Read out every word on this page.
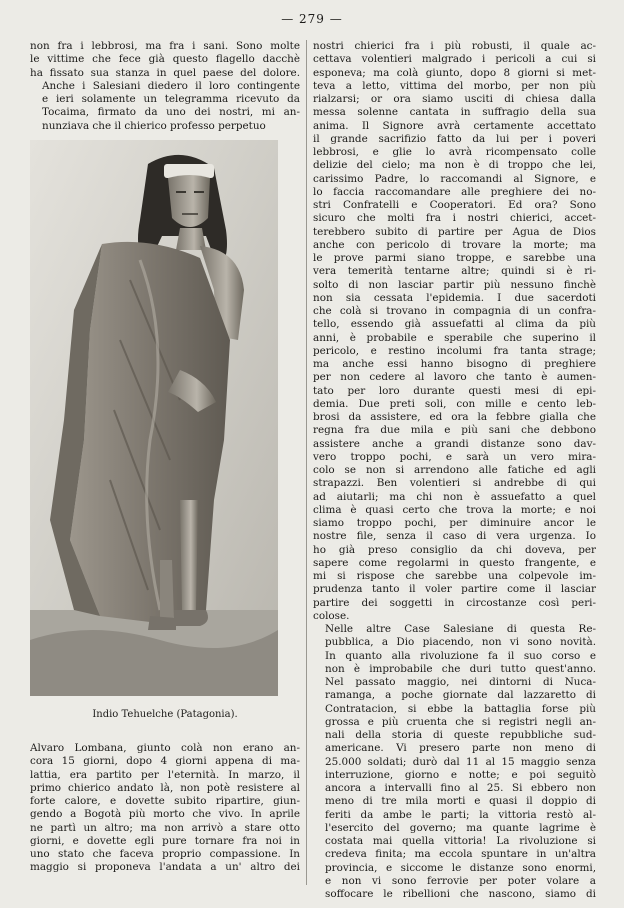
— 279 —

non fra i lebbrosi, ma fra i sani. Sono molte
le vittime che fece già questo flagello dacchè
ha fissato sua stanza in quel paese del dolore.

Anche i Salesiani diedero il loro contingente
e ieri solamente un telegramma ricevuto da
Tocaima, firmato da uno dei nostri, mi an-
nunziava che il chierico professo perpetuo

Indio Tehuelche (Patagonia).

Alvaro Lombana, giunto colà non erano an-
cora 15 giorni, dopo 4 giorni appena di ma-
lattia, era partito per l'eternità. In marzo, il
primo chierico andato là, non potè resistere al
forte calore, e dovette subito ripartire, giun-
gendo a Bogotà più morto che vivo. In aprile
ne partì un altro; ma non arrivò a stare otto
giorni, e dovette egli pure tornare fra noi in
uno stato che faceva proprio compassione. In
maggio si proponeva l'andata a un' altro dei

nostri chierici fra i più robusti, il quale ac-
cettava volentieri malgrado i pericoli a cui si
esponeva; ma colà giunto, dopo 8 giorni si met-
teva a letto, vittima del morbo, per non più
rialzarsi; or ora siamo usciti di chiesa dalla
messa solenne cantata in suffragio della sua
anima. Il Signore avrà certamente accettato
il grande sacrifizio fatto da lui per i poveri
lebbrosi, e glie lo avrà ricompensato colle
delizie del cielo; ma non è di troppo che lei,
carissimo Padre, lo raccomandi al Signore, e
lo faccia raccomandare alle preghiere dei no-
stri Confratelli e Cooperatori. Ed ora? Sono
sicuro che molti fra i nostri chierici, accet-
terebbero subito di partire per Agua de Dios
anche con pericolo di trovare la morte; ma
le prove parmi siano troppe, e sarebbe una
vera temerità tentarne altre; quindi si è ri-
solto di non lasciar partir più nessuno finchè
non sia cessata l'epidemia. I due sacerdoti
che colà si trovano in compagnia di un confra-
tello, essendo già assuefatti al clima da più
anni, è probabile e sperabile che superino il
pericolo, e restino incolumi fra tanta strage;
ma anche essi hanno bisogno di preghiere
per non cedere al lavoro che tanto è aumen-
tato per loro durante questi mesi di epi-
demia. Due preti soli, con mille e cento leb-
brosi da assistere, ed ora la febbre gialla che
regna fra due mila e più sani che debbono
assistere anche a grandi distanze sono dav-
vero troppo pochi, e sarà un vero mira-
colo se non si arrendono alle fatiche ed agli
strapazzi. Ben volentieri si andrebbe di qui
ad aiutarli; ma chi non è assuefatto a quel
clima è quasi certo che trova la morte; e noi
siamo troppo pochi, per diminuire ancor le
nostre file, senza il caso di vera urgenza. Io
ho già preso consiglio da chi doveva, per
sapere come regolarmi in questo frangente, e
mi si rispose che sarebbe una colpevole im-
prudenza tanto il voler partire come il lasciar
partire dei soggetti in circostanze così peri-
colose.

Nelle altre Case Salesiane di questa Re-
pubblica, a Dio piacendo, non vi sono novità.
In quanto alla rivoluzione fa il suo corso e
non è improbabile che duri tutto quest'anno.
Nel passato maggio, nei dintorni di Nuca-
ramanga, a poche giornate dal lazzaretto di
Contratacion, si ebbe la battaglia forse più
grossa e più cruenta che si registri negli an-
nali della storia di queste repubbliche sud-
americane. Vi presero parte non meno di
25.000 soldati; durò dal 11 al 15 maggio senza
interruzione, giorno e notte; e poi seguitò
ancora a intervalli fino al 25. Si ebbero non
meno di tre mila morti e quasi il doppio di
feriti da ambe le parti; la vittoria restò al-
l'esercito del governo; ma quante lagrime è
costata mai quella vittoria! La rivoluzione si
credeva finita; ma eccola spuntare in un'altra
provincia, e siccome le distanze sono enormi,
e non vi sono ferrovie per poter volare a
soffocare le ribellioni che nascono, siamo di
